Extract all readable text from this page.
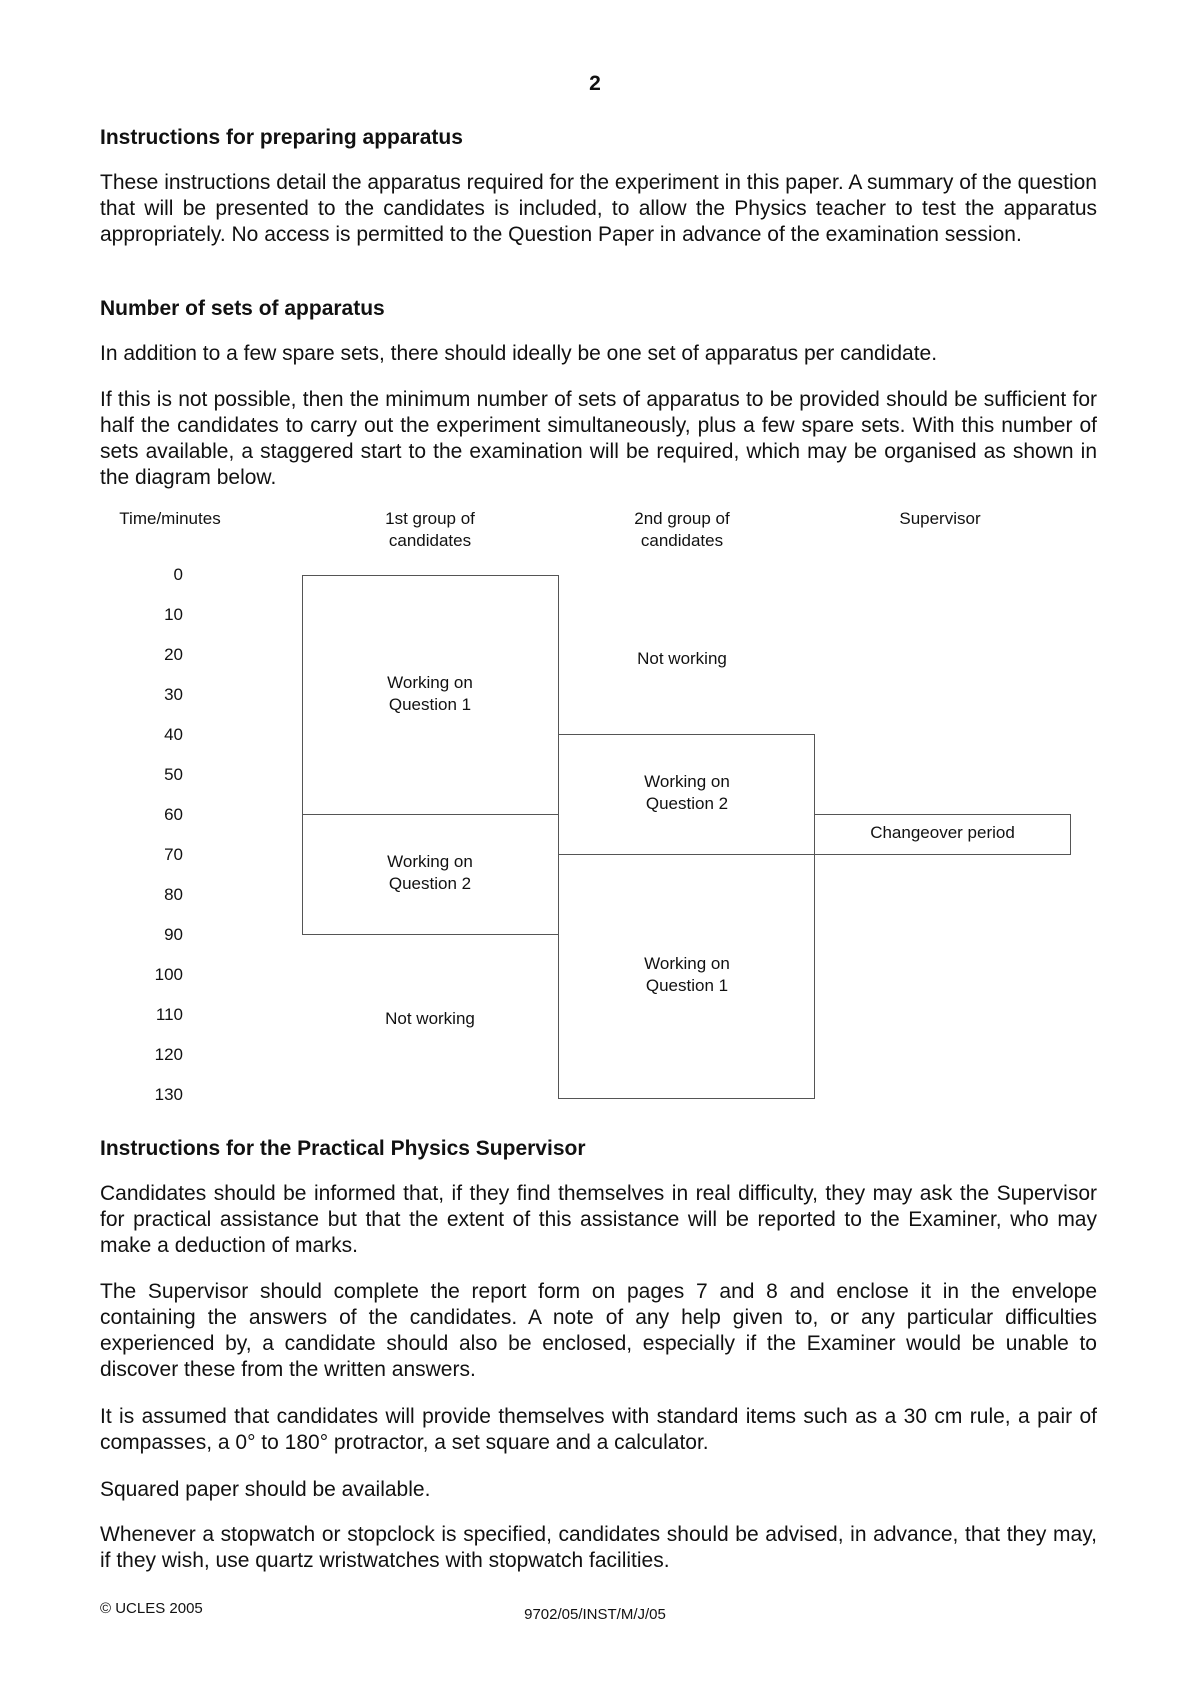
2
Instructions for preparing apparatus

These instructions detail the apparatus required for the experiment in this paper. A summary of the question that will be presented to the candidates is included, to allow the Physics teacher to test the apparatus appropriately. No access is permitted to the Question Paper in advance of the examination session.

Number of sets of apparatus

In addition to a few spare sets, there should ideally be one set of apparatus per candidate.

If this is not possible, then the minimum number of sets of apparatus to be provided should be sufficient for half the candidates to carry out the experiment simultaneously, plus a few spare sets. With this number of sets available, a staggered start to the examination will be required, which may be organised as shown in the diagram below.

Time/minutes	1st group of
candidates
2nd group of
candidates
Supervisor
0
10
20
30
40
50
60
70
80
90
100
110
120
130
Working on
Question 1
Working on
Question 2
Not working
Not working
Working on
Question 2
Working on
Question 1
Changeover period
Instructions for the Practical Physics Supervisor

Candidates should be informed that, if they find themselves in real difficulty, they may ask the Supervisor for practical assistance but that the extent of this assistance will be reported to the Examiner, who may make a deduction of marks.

The Supervisor should complete the report form on pages 7 and 8 and enclose it in the envelope containing the answers of the candidates. A note of any help given to, or any particular difficulties experienced by, a candidate should also be enclosed, especially if the Examiner would be unable to discover these from the written answers.

It is assumed that candidates will provide themselves with standard items such as a 30 cm rule, a pair of compasses, a 0° to 180° protractor, a set square and a calculator.

Squared paper should be available.

Whenever a stopwatch or stopclock is specified, candidates should be advised, in advance, that they may, if they wish, use quartz wristwatches with stopwatch facilities.

© UCLES 2005	9702/05/INST/M/J/05
